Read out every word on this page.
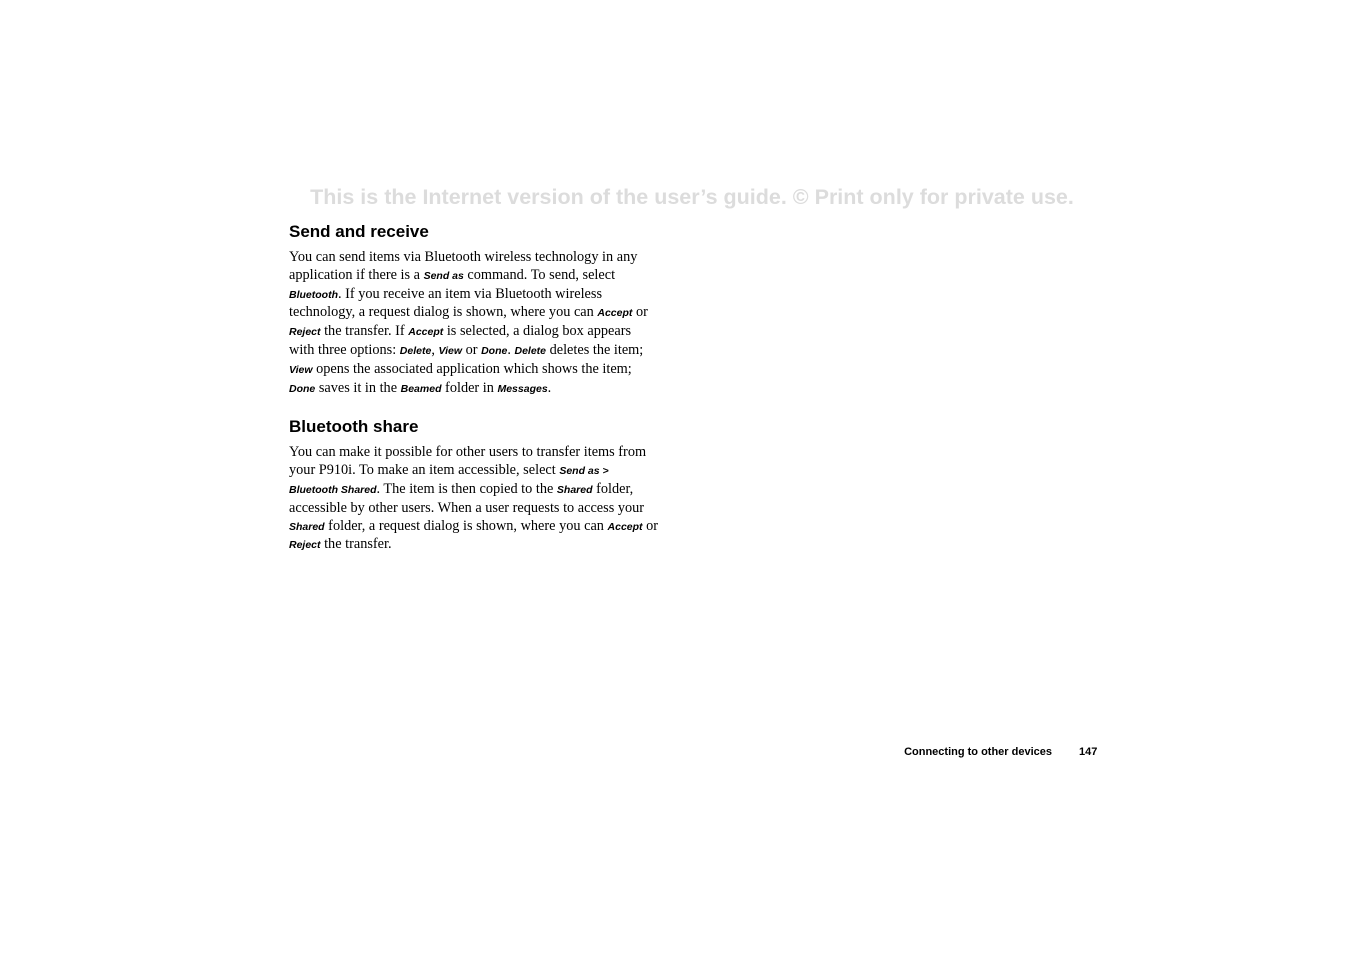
This is the Internet version of the user’s guide. © Print only for private use.
Send and receive

You can send items via Bluetooth wireless technology in any
application if there is a Send as command. To send, select
Bluetooth. If you receive an item via Bluetooth wireless
technology, a request dialog is shown, where you can Accept or
Reject the transfer. If Accept is selected, a dialog box appears
with three options: Delete, View or Done. Delete deletes the item;
View opens the associated application which shows the item;
Done saves it in the Beamed folder in Messages.

Bluetooth share

You can make it possible for other users to transfer items from
your P910i. To make an item accessible, select Send as >
Bluetooth Shared. The item is then copied to the Shared folder,
accessible by other users. When a user requests to access your
Shared folder, a request dialog is shown, where you can Accept or
Reject the transfer.

Connecting to other devices 147
